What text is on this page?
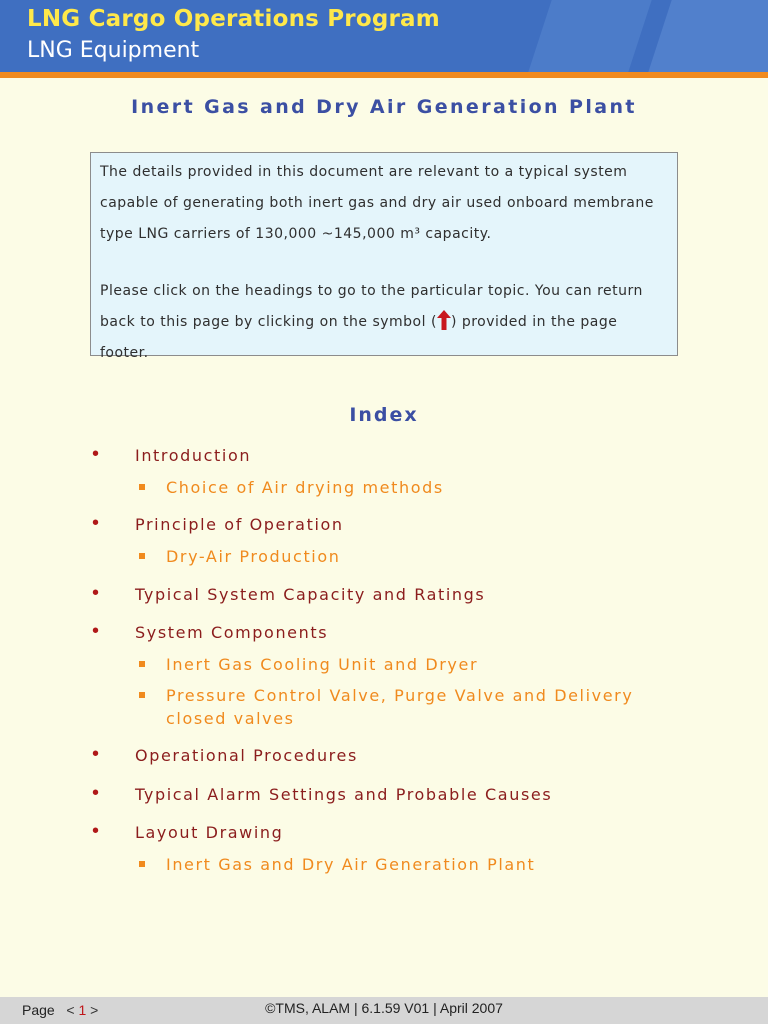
LNG Cargo Operations Program
LNG Equipment
Inert Gas and Dry Air Generation Plant

The details provided in this document are relevant to a typical system capable of generating both inert gas and dry air used onboard membrane type LNG carriers of 130,000 ~145,000 m³ capacity.

Please click on the headings to go to the particular topic. You can return back to this page by clicking on the symbol ( ) provided in the page footer.

Index
• Introduction
Choice of Air drying methods
• Principle of Operation
Dry-Air Production
• Typical System Capacity and Ratings
• System Components
Inert Gas Cooling Unit and Dryer
Pressure Control Valve, Purge Valve and Delivery closed valves
• Operational Procedures
• Typical Alarm Settings and Probable Causes
• Layout Drawing
Inert Gas and Dry Air Generation Plant
Page < 1 >	©TMS, ALAM | 6.1.59 V01 | April 2007
